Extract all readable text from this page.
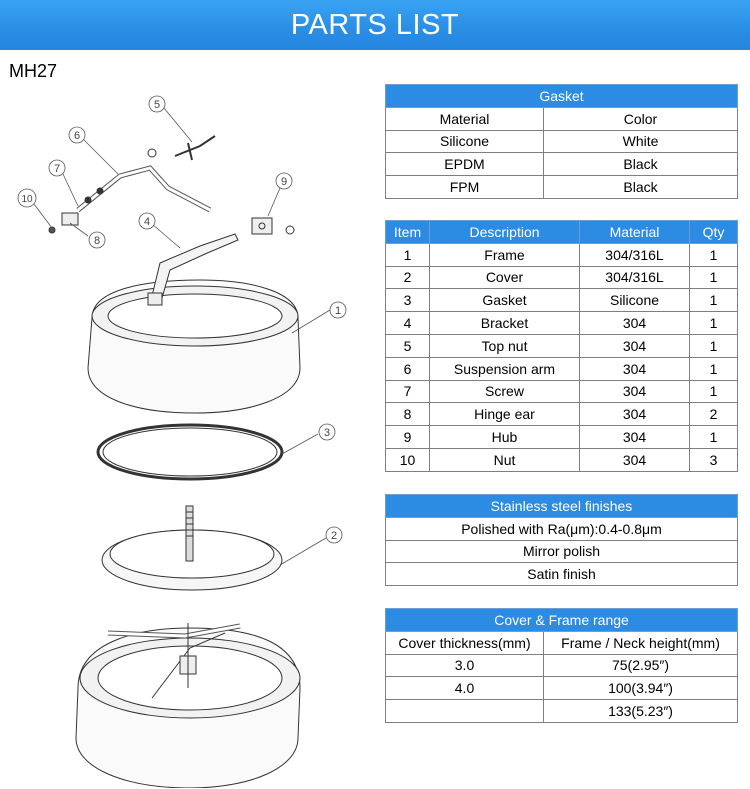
PARTS LIST
MH27
1
3
2
4
5
6
7
8
9
10
Gasket	
Material	Color
Silicone	White
EPDM	Black
FPM	Black
Item	Description	Material	Qty
1	Frame	304/316L	1
2	Cover	304/316L	1
3	Gasket	Silicone	1
4	Bracket	304	1
5	Top nut	304	1
6	Suspension arm	304	1
7	Screw	304	1
8	Hinge ear	304	2
9	Hub	304	1
10	Nut	304	3
Stainless steel finishes
Polished with Ra(μm):0.4-0.8μm
Mirror polish
Satin finish
Cover & Frame range	
Cover thickness(mm)	Frame / Neck height(mm)
3.0	75(2.95″)
4.0	100(3.94″)
	133(5.23″)
